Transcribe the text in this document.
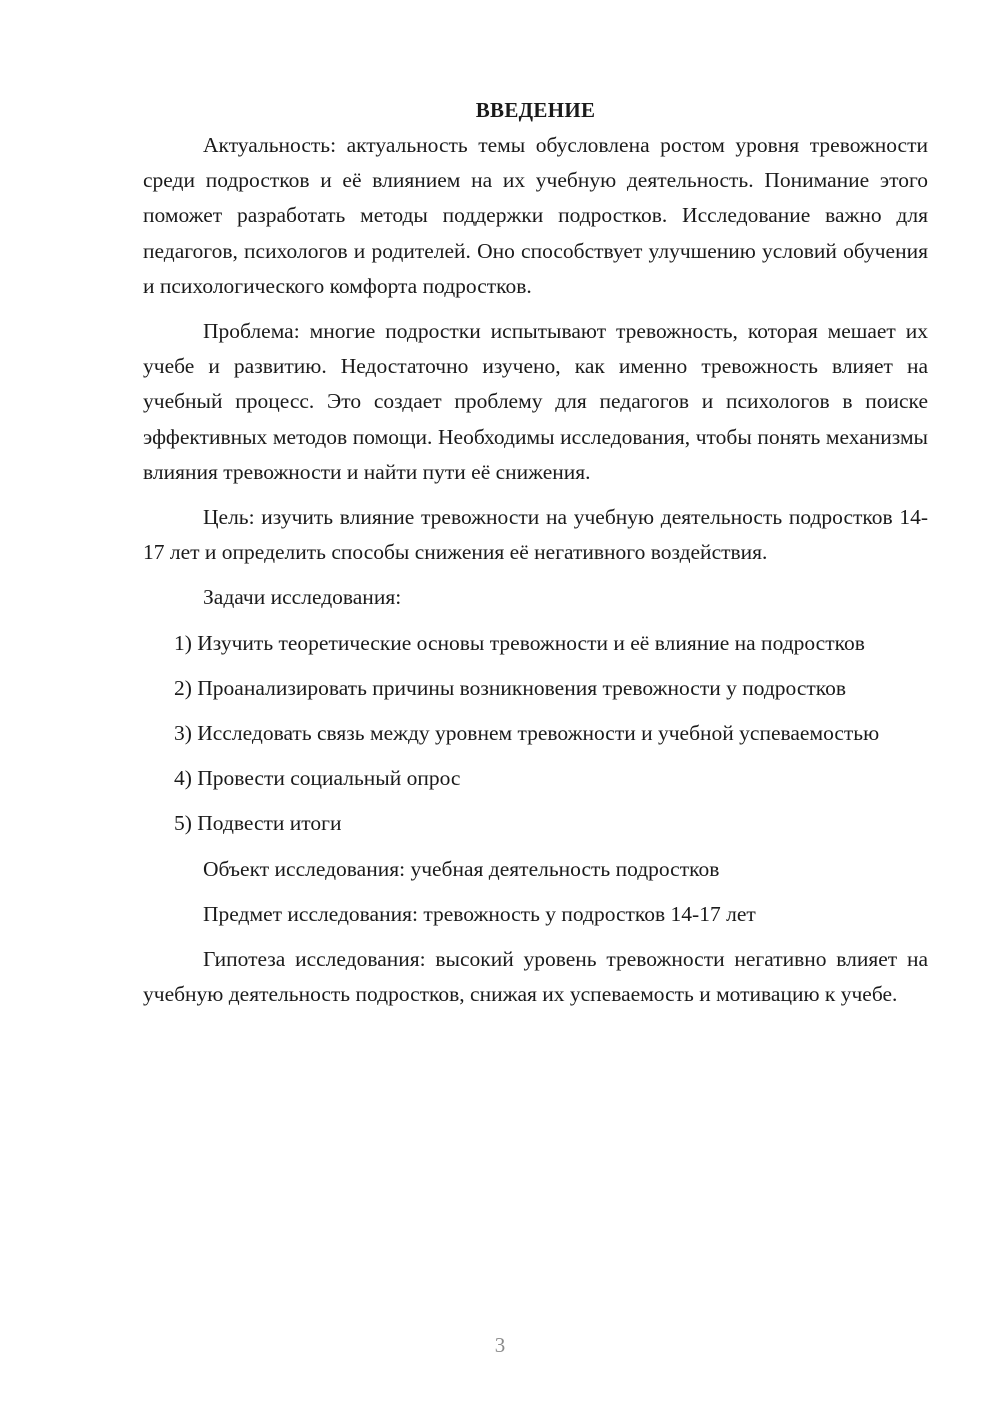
ВВЕДЕНИЕ

Актуальность: актуальность темы обусловлена ростом уровня тревожности среди подростков и её влиянием на их учебную деятельность. Понимание этого поможет разработать методы поддержки подростков. Исследование важно для педагогов, психологов и родителей. Оно способствует улучшению условий обучения и психологического комфорта подростков.

Проблема: многие подростки испытывают тревожность, которая мешает их учебе и развитию. Недостаточно изучено, как именно тревожность влияет на учебный процесс. Это создает проблему для педагогов и психологов в поиске эффективных методов помощи. Необходимы исследования, чтобы понять механизмы влияния тревожности и найти пути её снижения.

Цель: изучить влияние тревожности на учебную деятельность подростков 14-17 лет и определить способы снижения её негативного воздействия.

Задачи исследования:

1) Изучить теоретические основы тревожности и её влияние на подростков

2) Проанализировать причины возникновения тревожности у подростков

3) Исследовать связь между уровнем тревожности и учебной успеваемостью

4) Провести социальный опрос

5) Подвести итоги

Объект исследования: учебная деятельность подростков

Предмет исследования: тревожность у подростков 14-17 лет

Гипотеза исследования: высокий уровень тревожности негативно влияет на учебную деятельность подростков, снижая их успеваемость и мотивацию к учебе.

3
